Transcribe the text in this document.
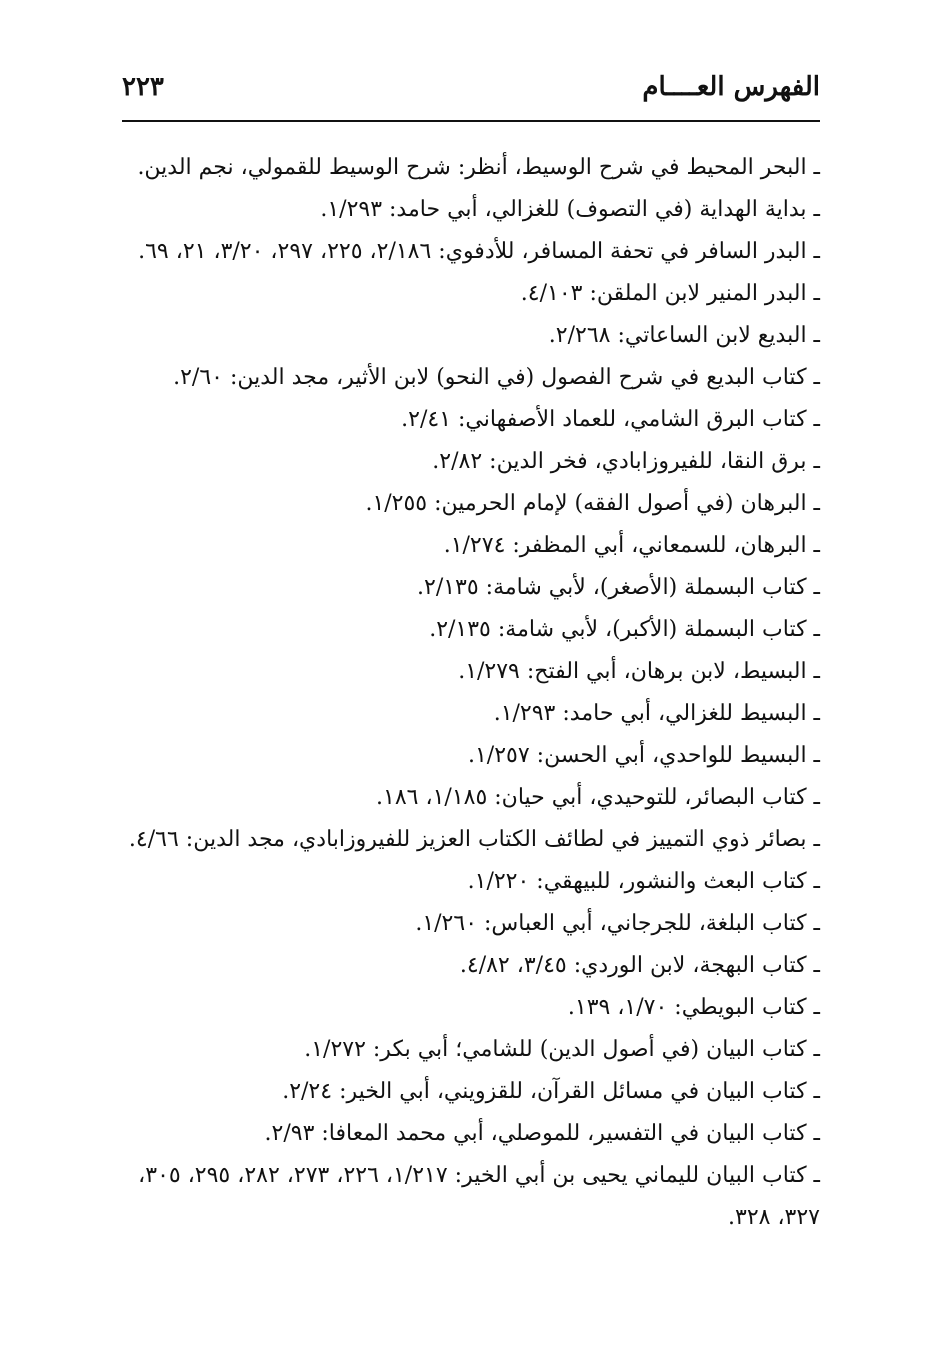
الفهرس العــــام
٢٢٣
ـ البحر المحيط في شرح الوسيط، أنظر: شرح الوسيط للقمولي، نجم الدين.
ـ بداية الهداية (في التصوف) للغزالي، أبي حامد: ١/٢٩٣.
ـ البدر السافر في تحفة المسافر، للأدفوي: ٢/١٨٦، ٢٢٥، ٢٩٧، ٣/٢٠، ٢١، ٦٩.
ـ البدر المنير لابن الملقن: ٤/١٠٣.
ـ البديع لابن الساعاتي: ٢/٢٦٨.
ـ كتاب البديع في شرح الفصول (في النحو) لابن الأثير، مجد الدين: ٢/٦٠.
ـ كتاب البرق الشامي، للعماد الأصفهاني: ٢/٤١.
ـ برق النقا، للفيروزابادي، فخر الدين: ٢/٨٢.
ـ البرهان (في أصول الفقه) لإمام الحرمين: ١/٢٥٥.
ـ البرهان، للسمعاني، أبي المظفر: ١/٢٧٤.
ـ كتاب البسملة (الأصغر)، لأبي شامة: ٢/١٣٥.
ـ كتاب البسملة (الأكبر)، لأبي شامة: ٢/١٣٥.
ـ البسيط، لابن برهان، أبي الفتح: ١/٢٧٩.
ـ البسيط للغزالي، أبي حامد: ١/٢٩٣.
ـ البسيط للواحدي، أبي الحسن: ١/٢٥٧.
ـ كتاب البصائر، للتوحيدي، أبي حيان: ١/١٨٥، ١٨٦.
ـ بصائر ذوي التمييز في لطائف الكتاب العزيز للفيروزابادي، مجد الدين: ٤/٦٦.
ـ كتاب البعث والنشور، للبيهقي: ١/٢٢٠.
ـ كتاب البلغة، للجرجاني، أبي العباس: ١/٢٦٠.
ـ كتاب البهجة، لابن الوردي: ٣/٤٥، ٤/٨٢.
ـ كتاب البويطي: ١/٧٠، ١٣٩.
ـ كتاب البيان (في أصول الدين) للشامي؛ أبي بكر: ١/٢٧٢.
ـ كتاب البيان في مسائل القرآن، للقزويني، أبي الخير: ٢/٢٤.
ـ كتاب البيان في التفسير، للموصلي، أبي محمد المعافا: ٢/٩٣.
ـ كتاب البيان لليماني يحيى بن أبي الخير: ١/٢١٧، ٢٢٦، ٢٧٣، ٢٨٢، ٢٩٥، ٣٠٥، ٣٢٧، ٣٢٨.
